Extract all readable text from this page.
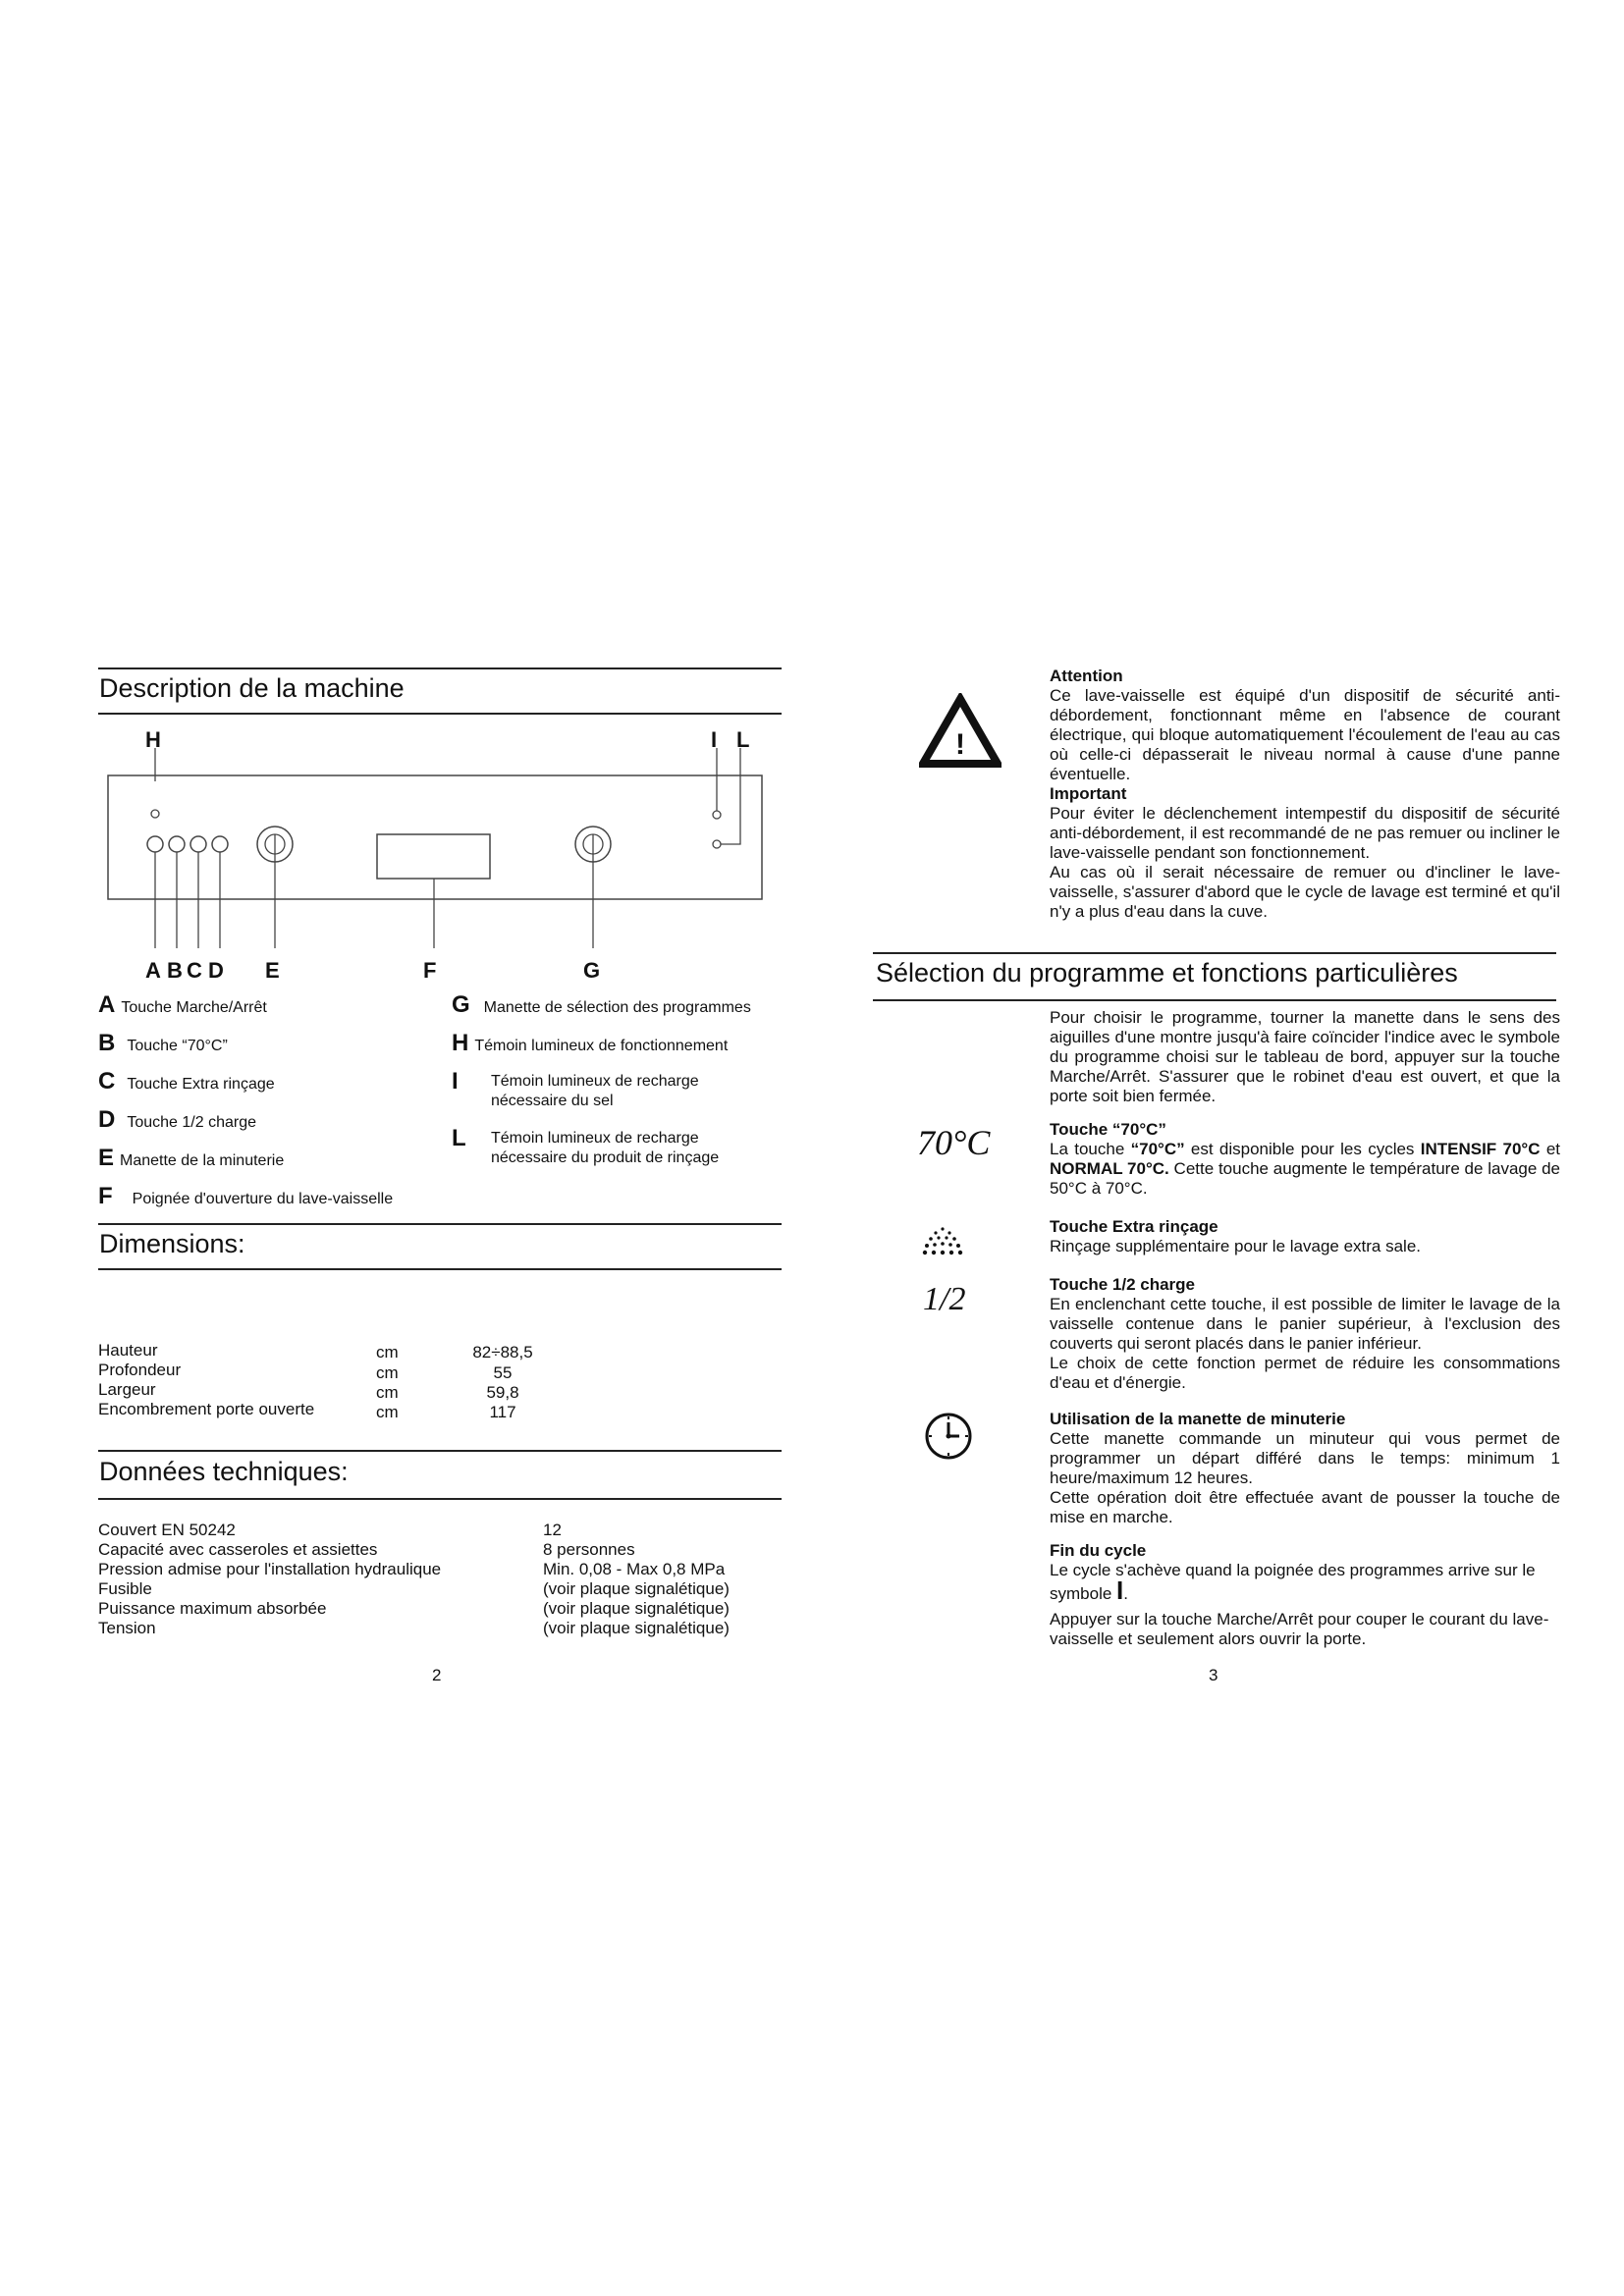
Description de la machine
H	I L
A B C D E	F	G
A Touche Marche/Arrêt
B Touche “70°C”
C Touche Extra rinçage
D Touche 1/2 charge
E Manette de la minuterie
F Poignée d'ouverture du lave-vaisselle
G Manette de sélection des programmes
H Témoin lumineux de fonctionnement
I Témoin lumineux de recharge
nécessaire du sel
L Témoin lumineux de recharge
nécessaire du produit de rinçage
Dimensions:
Hauteur	cm	82÷88,5
Profondeur	cm	55
Largeur	cm	59,8
Encombrement porte ouverte	cm	117
Données techniques:
Couvert EN 50242	12
Capacité avec casseroles et assiettes	8 personnes
Pression admise pour l'installation hydraulique	Min. 0,08 - Max 0,8 MPa
Fusible	(voir plaque signalétique)
Puissance maximum absorbée	(voir plaque signalétique)
Tension	(voir plaque signalétique)
2
!
Attention
Ce lave-vaisselle est équipé d'un dispositif de sécurité anti-débordement, fonctionnant même en l'absence de courant électrique, qui bloque automatiquement l'écoulement de l'eau au cas où celle-ci dépasserait le niveau normal à cause d'une panne éventuelle.
Important
Pour éviter le déclenchement intempestif du dispositif de sécurité anti-débordement, il est recommandé de ne pas remuer ou incliner le lave-vaisselle pendant son fonctionnement.
Au cas où il serait nécessaire de remuer ou d'incliner le lave-vaisselle, s'assurer d'abord que le cycle de lavage est terminé et qu'il n'y a plus d'eau dans la cuve.
Sélection du programme et fonctions particulières
Pour choisir le programme, tourner la manette dans le sens des aiguilles d'une montre jusqu'à faire coïncider l'indice avec le symbole du programme choisi sur le tableau de bord, appuyer sur la touche Marche/Arrêt. S'assurer que le robinet d'eau est ouvert, et que la porte soit bien fermée.
70°C	Touche “70°C”
La touche “70°C” est disponible pour les cycles INTENSIF 70°C et NORMAL 70°C. Cette touche augmente le température de lavage de 50°C à 70°C.
Touche Extra rinçage
Rinçage supplémentaire pour le lavage extra sale.
1/2	Touche 1/2 charge
En enclenchant cette touche, il est possible de limiter le lavage de la vaisselle contenue dans le panier supérieur, à l'exclusion des couverts qui seront placés dans le panier inférieur.
Le choix de cette fonction permet de réduire les consommations d'eau et d'énergie.
Utilisation de la manette de minuterie
Cette manette commande un minuteur qui vous permet de programmer un départ différé dans le temps: minimum 1 heure/maximum 12 heures.
Cette opération doit être effectuée avant de pousser la touche de mise en marche.
Fin du cycle
Le cycle s'achève quand la poignée des programmes arrive sur le symbole I.
Appuyer sur la touche Marche/Arrêt pour couper le courant du lave-vaisselle et seulement alors ouvrir la porte.
3
